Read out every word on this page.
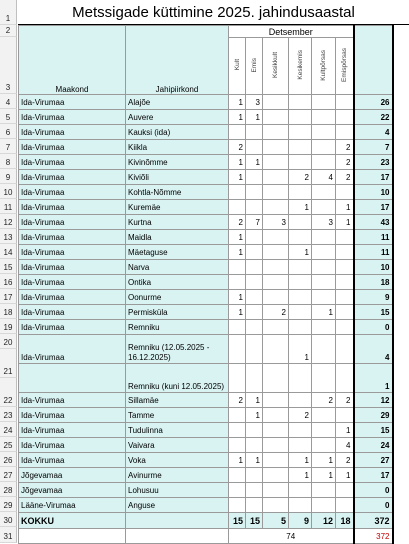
1
2
3
4
5
6
7
8
9
10
11
12
13
14
15
16
17
18
19
20
21
22
23
24
25
26
27
28
29
30
31
Metssigade küttimine 2025. jahindusaastal
Maakond	Jahipiirkond	Detsember						

		Kult	Emis	Kesikkult	Kesikemis	Kultpõrsas	Emispõrsas	

Ida-Virumaa	Alajõe	1	3					26
Ida-Virumaa	Auvere	1	1					22
Ida-Virumaa	Kauksi (ida)							4
Ida-Virumaa	Kiikla	2					2	7
Ida-Virumaa	Kivinõmme	1	1				2	23
Ida-Virumaa	Kiviõli	1			2	4	2	17
Ida-Virumaa	Kohtla-Nõmme							10
Ida-Virumaa	Kuremäe				1		1	17
Ida-Virumaa	Kurtna	2	7	3		3	1	43
Ida-Virumaa	Maidla	1						11
Ida-Virumaa	Mäetaguse	1			1			11
Ida-Virumaa	Narva							10
Ida-Virumaa	Ontika							18
Ida-Virumaa	Oonurme	1						9
Ida-Virumaa	Permisküla	1		2		1		15
Ida-Virumaa	Remniku							0
Ida-Virumaa	Remniku (12.05.2025 - 16.12.2025)				1			4
	Remniku (kuni 12.05.2025)							1
Ida-Virumaa	Sillamäe	2	1			2	2	12
Ida-Virumaa	Tamme		1		2			29
Ida-Virumaa	Tudulinna						1	15
Ida-Virumaa	Vaivara						4	24
Ida-Virumaa	Voka	1	1		1	1	2	27
Jõgevamaa	Avinurme				1	1	1	17
Jõgevamaa	Lohusuu							0
Lääne-Virumaa	Anguse							0
KOKKU		15	15	5	9	12	18	372
		74						372
